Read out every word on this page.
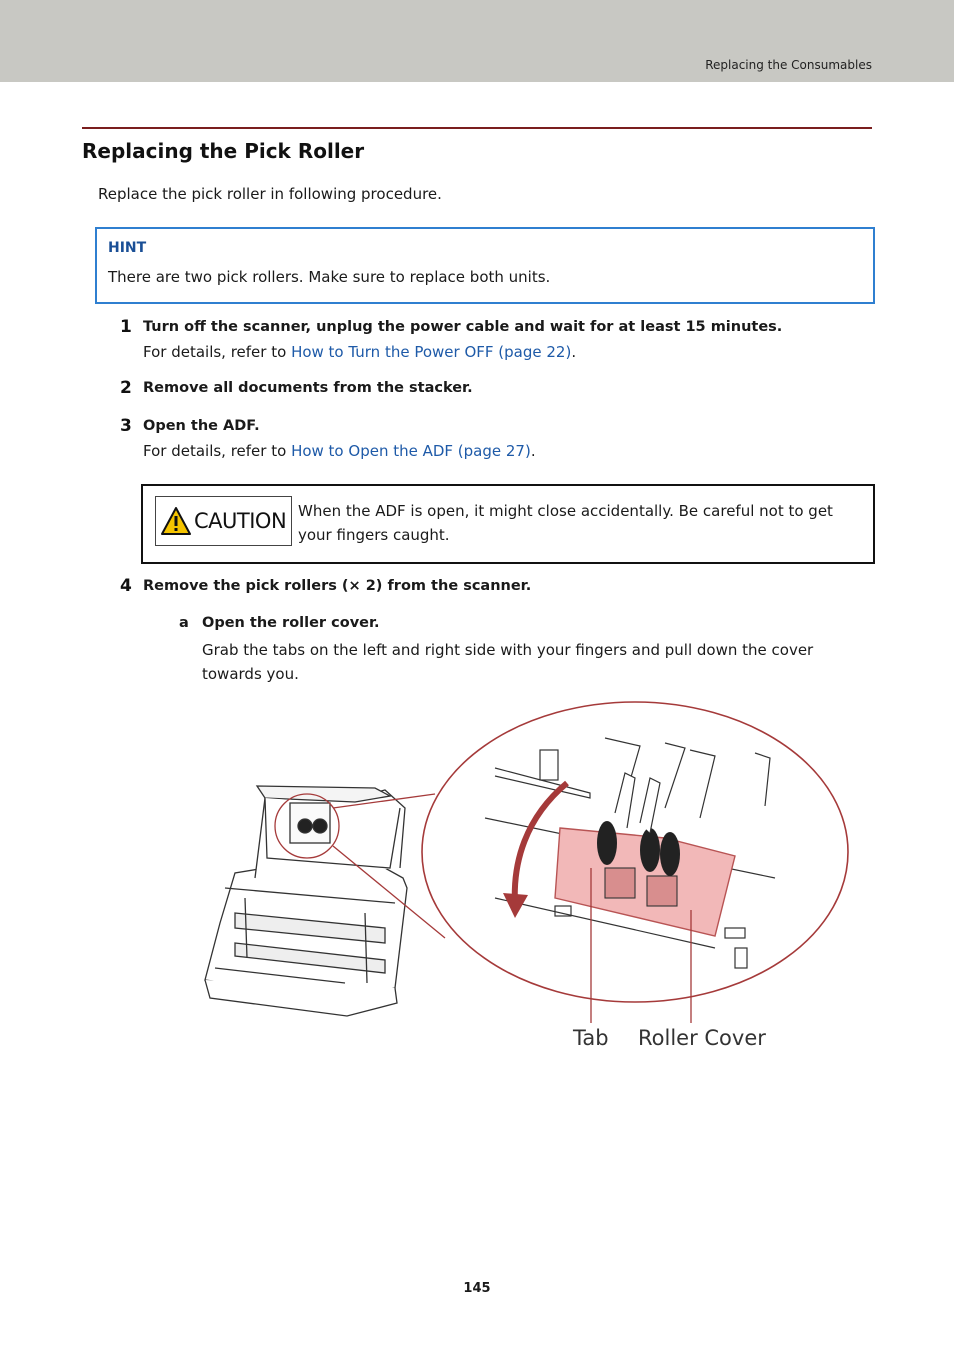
Replacing the Consumables
Replacing the Pick Roller
Replace the pick roller in following procedure.
HINT
There are two pick rollers. Make sure to replace both units.
1 Turn off the scanner, unplug the power cable and wait for at least 15 minutes.
For details, refer to How to Turn the Power OFF (page 22).
2 Remove all documents from the stacker.
3 Open the ADF.
For details, refer to How to Open the ADF (page 27).
CAUTION When the ADF is open, it might close accidentally. Be careful not to get your fingers caught.
4 Remove the pick rollers (× 2) from the scanner.
a Open the roller cover.
Grab the tabs on the left and right side with your fingers and pull down the cover towards you.
Tab Roller Cover
145
